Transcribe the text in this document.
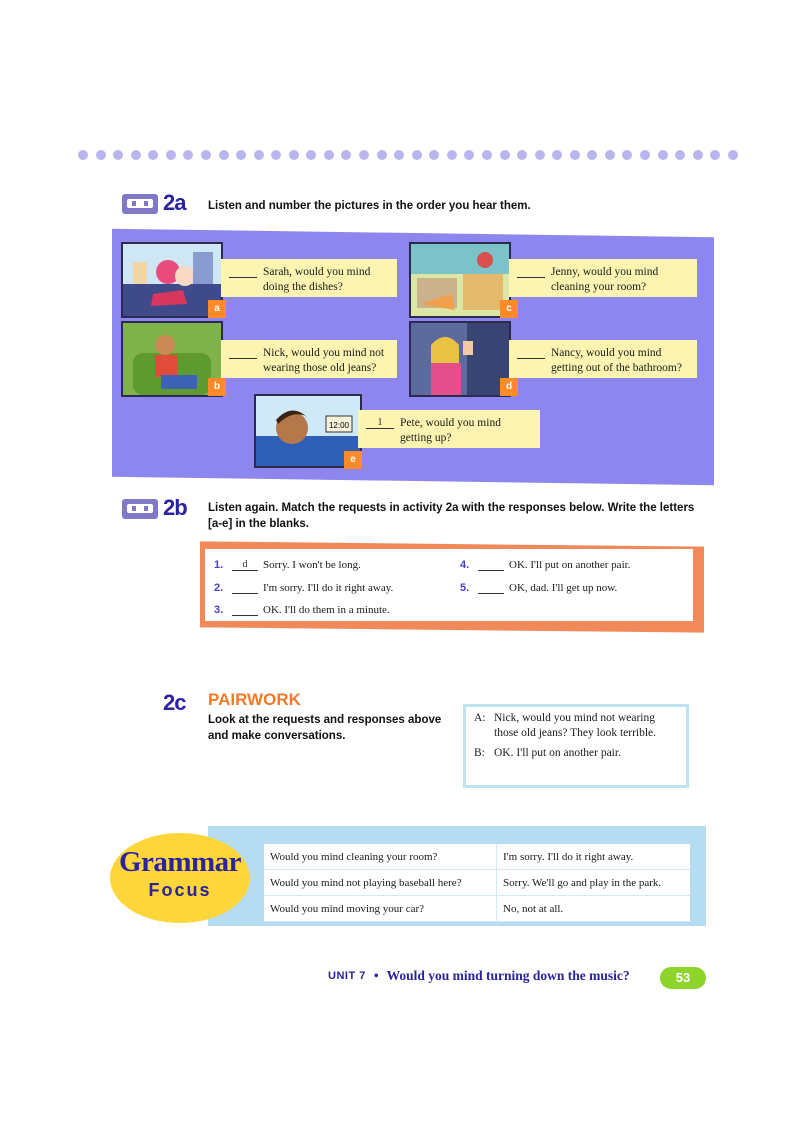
2a Listen and number the pictures in the order you hear them.
a
Sarah, would you mind doing the dishes?
b
Nick, would you mind not wearing those old jeans?
c
Jenny, would you mind cleaning your room?
d
Nancy, would you mind getting out of the bathroom?
12:00
e
1	Pete, would you mind getting up?
2b Listen again. Match the requests in activity 2a with the responses below. Write the letters [a-e] in the blanks.
1.	d	Sorry. I won't be long.
2.	I'm sorry. I'll do it right away.
3.	OK. I'll do them in a minute.
4.	OK. I'll put on another pair.
5.	OK, dad. I'll get up now.
2c PAIRWORK
Look at the requests and responses above and make conversations.
A: Nick, would you mind not wearing those old jeans? They look terrible.
B: OK. I'll put on another pair.
Grammar
Focus
Would you mind cleaning your room?	I'm sorry. I'll do it right away.
Would you mind not playing baseball here?	Sorry. We'll go and play in the park.
Would you mind moving your car?	No, not at all.
UNIT 7 • Would you mind turning down the music?	53
